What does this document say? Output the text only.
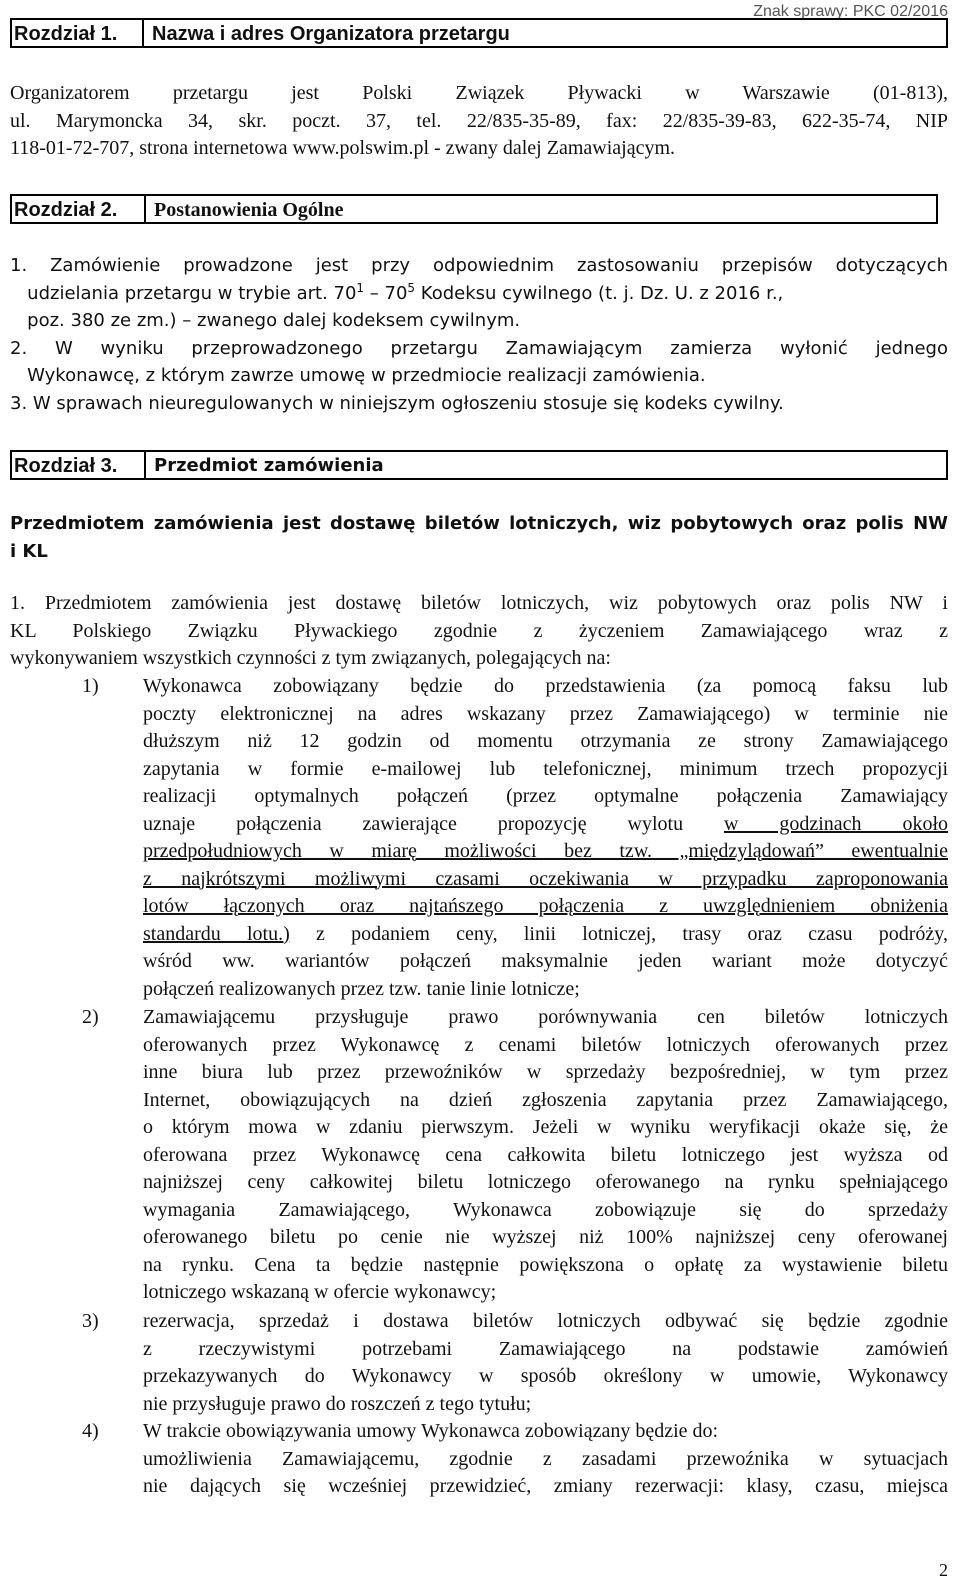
Znak sprawy: PKC 02/2016
Rozdział 1.	Nazwa i adres Organizatora przetargu
Organizatorem przetargu jest Polski Związek Pływacki w Warszawie (01-813),
ul. Marymoncka 34, skr. poczt. 37, tel. 22/835-35-89, fax: 22/835-39-83, 622-35-74, NIP
118-01-72-707, strona internetowa www.polswim.pl - zwany dalej Zamawiającym.
Rozdział 2.	Postanowienia Ogólne
1. Zamówienie prowadzone jest przy odpowiednim zastosowaniu przepisów dotyczących
udzielania przetargu w trybie art. $70^1 - 70^5$ Kodeksu cywilnego (t. j. Dz. U. z 2016 r.,
poz. 380 ze zm.) – zwanego dalej kodeksem cywilnym.
2. W wyniku przeprowadzonego przetargu Zamawiającym zamierza wyłonić jednego
Wykonawcę, z którym zawrze umowę w przedmiocie realizacji zamówienia.
3. W sprawach nieuregulowanych w niniejszym ogłoszeniu stosuje się kodeks cywilny.
Rozdział 3.	Przedmiot zamówienia
Przedmiotem zamówienia jest dostawę biletów lotniczych, wiz pobytowych oraz polis NW
i KL
1. Przedmiotem zamówienia jest dostawę biletów lotniczych, wiz pobytowych oraz polis NW i
KL Polskiego Związku Pływackiego zgodnie z życzeniem Zamawiającego wraz z
wykonywaniem wszystkich czynności z tym związanych, polegających na:
1) Wykonawca zobowiązany będzie do przedstawienia (za pomocą faksu lub
poczty elektronicznej na adres wskazany przez Zamawiającego) w terminie nie
dłuższym niż 12 godzin od momentu otrzymania ze strony Zamawiającego
zapytania w formie e-mailowej lub telefonicznej, minimum trzech propozycji
realizacji optymalnych połączeń (przez optymalne połączenia Zamawiający
uznaje połączenia zawierające propozycję wylotu w godzinach około
przedpołudniowych w miarę możliwości bez tzw. „międzylądowań” ewentualnie
z najkrótszymi możliwymi czasami oczekiwania w przypadku zaproponowania
lotów łączonych oraz najtańszego połączenia z uwzględnieniem obniżenia
standardu lotu.) z podaniem ceny, linii lotniczej, trasy oraz czasu podróży,
wśród ww. wariantów połączeń maksymalnie jeden wariant może dotyczyć
połączeń realizowanych przez tzw. tanie linie lotnicze;
2) Zamawiającemu przysługuje prawo porównywania cen biletów lotniczych
oferowanych przez Wykonawcę z cenami biletów lotniczych oferowanych przez
inne biura lub przez przewoźników w sprzedaży bezpośredniej, w tym przez
Internet, obowiązujących na dzień zgłoszenia zapytania przez Zamawiającego,
o którym mowa w zdaniu pierwszym. Jeżeli w wyniku weryfikacji okaże się, że
oferowana przez Wykonawcę cena całkowita biletu lotniczego jest wyższa od
najniższej ceny całkowitej biletu lotniczego oferowanego na rynku spełniającego
wymagania Zamawiającego, Wykonawca zobowiązuje się do sprzedaży
oferowanego biletu po cenie nie wyższej niż 100% najniższej ceny oferowanej
na rynku. Cena ta będzie następnie powiększona o opłatę za wystawienie biletu
lotniczego wskazaną w ofercie wykonawcy;
3) rezerwacja, sprzedaż i dostawa biletów lotniczych odbywać się będzie zgodnie
z rzeczywistymi potrzebami Zamawiającego na podstawie zamówień
przekazywanych do Wykonawcy w sposób określony w umowie, Wykonawcy
nie przysługuje prawo do roszczeń z tego tytułu;
4) W trakcie obowiązywania umowy Wykonawca zobowiązany będzie do:
umożliwienia Zamawiającemu, zgodnie z zasadami przewoźnika w sytuacjach
nie dających się wcześniej przewidzieć, zmiany rezerwacji: klasy, czasu, miejsca
2
